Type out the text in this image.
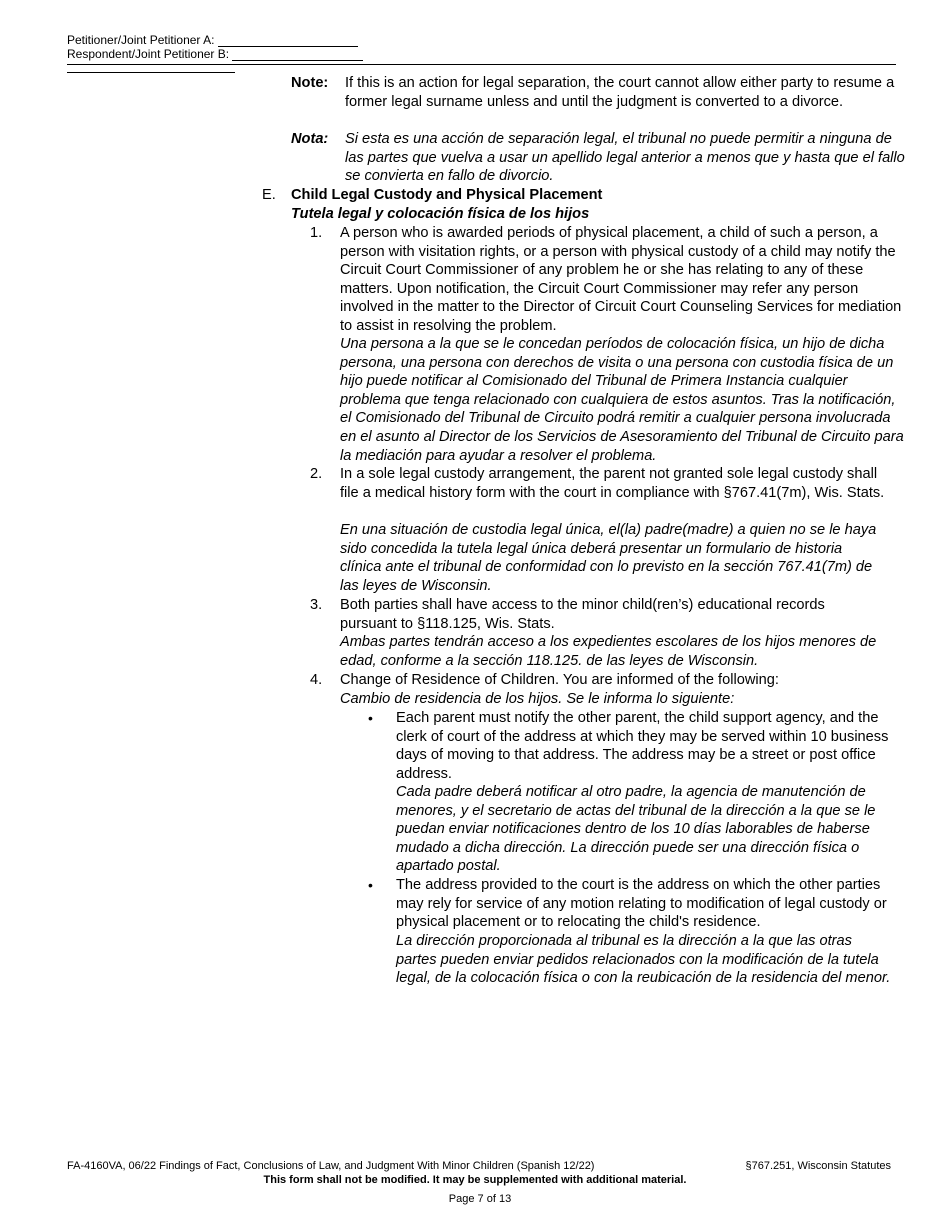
Petitioner/Joint Petitioner A:
Respondent/Joint Petitioner B:
Note: If this is an action for legal separation, the court cannot allow either party to resume a former legal surname unless and until the judgment is converted to a divorce.

Nota: Si esta es una acción de separación legal, el tribunal no puede permitir a ninguna de las partes que vuelva a usar un apellido legal anterior a menos que y hasta que el fallo se convierta en fallo de divorcio.

E. Child Legal Custody and Physical Placement
Tutela legal y colocación física de los hijos
1. A person who is awarded periods of physical placement, a child of such a person, a person with visitation rights, or a person with physical custody of a child may notify the Circuit Court Commissioner of any problem he or she has relating to any of these matters. Upon notification, the Circuit Court Commissioner may refer any person involved in the matter to the Director of Circuit Court Counseling Services for mediation to assist in resolving the problem.

Una persona a la que se le concedan períodos de colocación física, un hijo de dicha persona, una persona con derechos de visita o una persona con custodia física de un hijo puede notificar al Comisionado del Tribunal de Primera Instancia cualquier problema que tenga relacionado con cualquiera de estos asuntos. Tras la notificación, el Comisionado del Tribunal de Circuito podrá remitir a cualquier persona involucrada en el asunto al Director de los Servicios de Asesoramiento del Tribunal de Circuito para la mediación para ayudar a resolver el problema.

2. In a sole legal custody arrangement, the parent not granted sole legal custody shall file a medical history form with the court in compliance with §767.41(7m), Wis. Stats.

En una situación de custodia legal única, el(la) padre(madre) a quien no se le haya sido concedida la tutela legal única deberá presentar un formulario de historia clínica ante el tribunal de conformidad con lo previsto en la sección 767.41(7m) de las leyes de Wisconsin.

3. Both parties shall have access to the minor child(ren’s) educational records pursuant to §118.125, Wis. Stats.

Ambas partes tendrán acceso a los expedientes escolares de los hijos menores de edad, conforme a la sección 118.125. de las leyes de Wisconsin.

4. Change of Residence of Children. You are informed of the following:

Cambio de residencia de los hijos. Se le informa lo siguiente:

• Each parent must notify the other parent, the child support agency, and the clerk of court of the address at which they may be served within 10 business days of moving to that address. The address may be a street or post office address.

Cada padre deberá notificar al otro padre, la agencia de manutención de menores, y el secretario de actas del tribunal de la dirección a la que se le puedan enviar notificaciones dentro de los 10 días laborables de haberse mudado a dicha dirección. La dirección puede ser una dirección física o apartado postal.

• The address provided to the court is the address on which the other parties may rely for service of any motion relating to modification of legal custody or physical placement or to relocating the child's residence.

La dirección proporcionada al tribunal es la dirección a la que las otras partes pueden enviar pedidos relacionados con la modificación de la tutela legal, de la colocación física o con la reubicación de la residencia del menor.

FA-4160VA, 06/22 Findings of Fact, Conclusions of Law, and Judgment With Minor Children (Spanish 12/22)	§767.251, Wisconsin Statutes
This form shall not be modified. It may be supplemented with additional material.
Page 7 of 13
